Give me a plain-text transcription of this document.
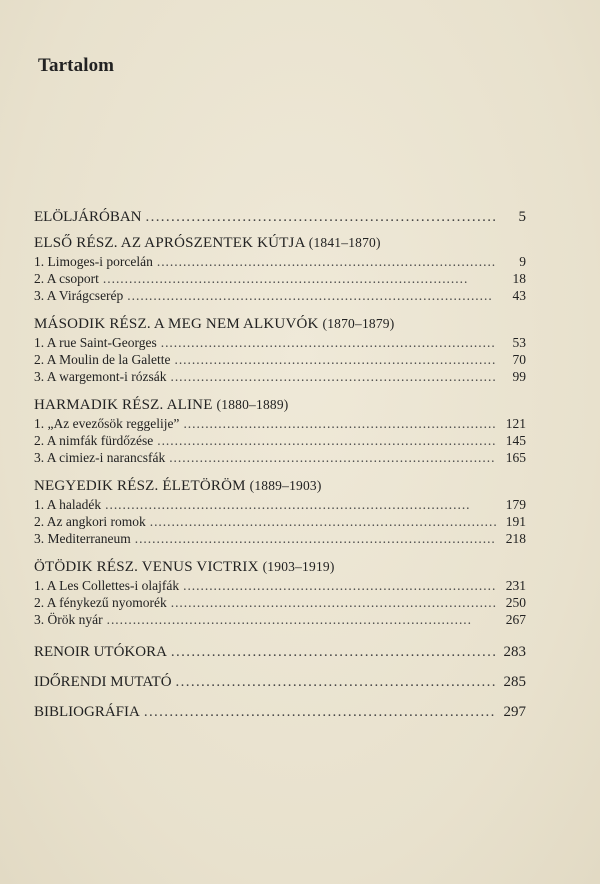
Tartalom
ELÖLJÁRÓBAN . . .	5
ELSŐ RÉSZ. AZ APRÓSZENTEK KÚTJA (1841–1870)
1. Limoges-i porcelán . . .	9
2. A csoport . . .	18
3. A Virágcserép . . .	43
MÁSODIK RÉSZ. A MEG NEM ALKUVÓK (1870–1879)
1. A rue Saint-Georges . . .	53
2. A Moulin de la Galette . . .	70
3. A wargemont-i rózsák . . .	99
HARMADIK RÉSZ. ALINE (1880–1889)
1. „Az evezősök reggelije” . . .	121
2. A nimfák fürdőzése . . .	145
3. A cimiez-i narancsfák . . .	165
NEGYEDIK RÉSZ. ÉLETÖRÖM (1889–1903)
1. A haladék . . .	179
2. Az angkori romok . . .	191
3. Mediterraneum . . .	218
ÖTÖDIK RÉSZ. VENUS VICTRIX (1903–1919)
1. A Les Collettes-i olajfák . . .	231
2. A fénykezű nyomorék . . .	250
3. Örök nyár . . .	267
RENOIR UTÓKORA . . .	283
IDŐRENDI MUTATÓ . . .	285
BIBLIOGRÁFIA . . .	297
